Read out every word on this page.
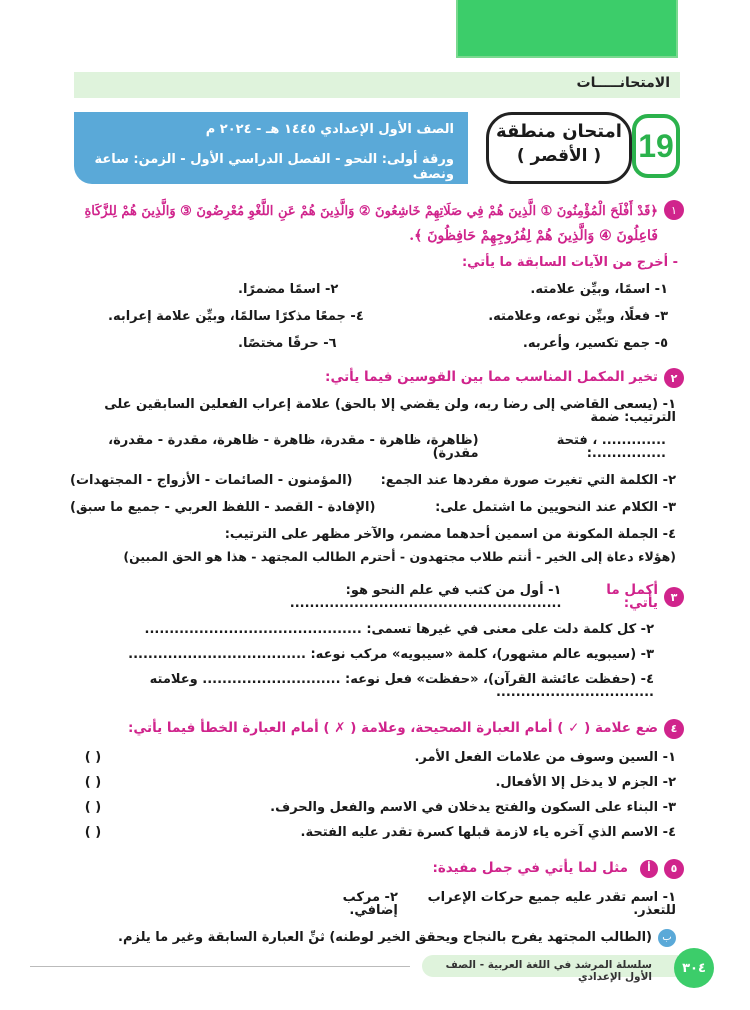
الامتحانـــــات
19
امتحان منطقة
( الأقصر )
الصف الأول الإعدادي ١٤٤٥ هـ - ٢٠٢٤ م
ورقة أولى: النحو - الفصل الدراسي الأول - الزمن: ساعة ونصف
١
﴿قَدْ أَفْلَحَ الْمُؤْمِنُونَ ① الَّذِينَ هُمْ فِي صَلَاتِهِمْ خَاشِعُونَ ② وَالَّذِينَ هُمْ عَنِ اللَّغْوِ مُعْرِضُونَ ③ وَالَّذِينَ هُمْ لِلزَّكَاةِ
فَاعِلُونَ ④ وَالَّذِينَ هُمْ لِفُرُوجِهِمْ حَافِظُونَ ﴾.
- أخرج من الآيات السابقة ما يأتي:
١- اسمًا، وبيِّن علامته.
٢- اسمًا مضمرًا.
٣- فعلًا، وبيِّن نوعه، وعلامته.
٤- جمعًا مذكرًا سالمًا، وبيِّن علامة إعرابه.
٥- جمع تكسير، وأعربه.
٦- حرفًا مختصًا.
٢
تخير المكمل المناسب مما بين القوسين فيما يأتي:
١- (يسعى القاضي إلى رضا ربه، ولن يقضي إلا بالحق) علامة إعراب الفعلين السابقين على الترتيب: ضمة
............. ، فتحة ...............:
(ظاهرة، ظاهرة - مقدرة، ظاهرة - ظاهرة، مقدرة - مقدرة، مقدرة)
٢- الكلمة التي تغيرت صورة مفردها عند الجمع:
(المؤمنون - الصائمات - الأزواج - المجتهدات)
٣- الكلام عند النحويين ما اشتمل على:
(الإفادة - القصد - اللفظ العربي - جميع ما سبق)
٤- الجملة المكونة من اسمين أحدهما مضمر، والآخر مظهر على الترتيب:
(هؤلاء دعاة إلى الخير - أنتم طلاب مجتهدون - أحترم الطالب المجتهد - هذا هو الحق المبين)
٣
أكمل ما يأتي:
١- أول من كتب في علم النحو هو: .......................................................
٢- كل كلمة دلت على معنى في غيرها تسمى: ............................................
٣- (سيبويه عالم مشهور)، كلمة «سيبويه» مركب نوعه: ....................................
٤- (حفظت عائشة القرآن)، «حفظت» فعل نوعه: ............................ وعلامته ................................
٤
ضع علامة ( ✓ ) أمام العبارة الصحيحة، وعلامة ( ✗ ) أمام العبارة الخطأ فيما يأتي:
١- السين وسوف من علامات الفعل الأمر.
( )
٢- الجزم لا يدخل إلا الأفعال.
( )
٣- البناء على السكون والفتح يدخلان في الاسم والفعل والحرف.
( )
٤- الاسم الذي آخره ياء لازمة قبلها كسرة تقدر عليه الفتحة.
( )
٥
أ
مثل لما يأتي في جمل مفيدة:
١- اسم تقدر عليه جميع حركات الإعراب للتعذر.
٢- مركب إضافي.
ب
(الطالب المجتهد يفرح بالنجاح ويحقق الخير لوطنه) ثنِّ العبارة السابقة وغير ما يلزم.
سلسلة المرشد في اللغة العربية - الصف الأول الإعدادي
٣٠٤
